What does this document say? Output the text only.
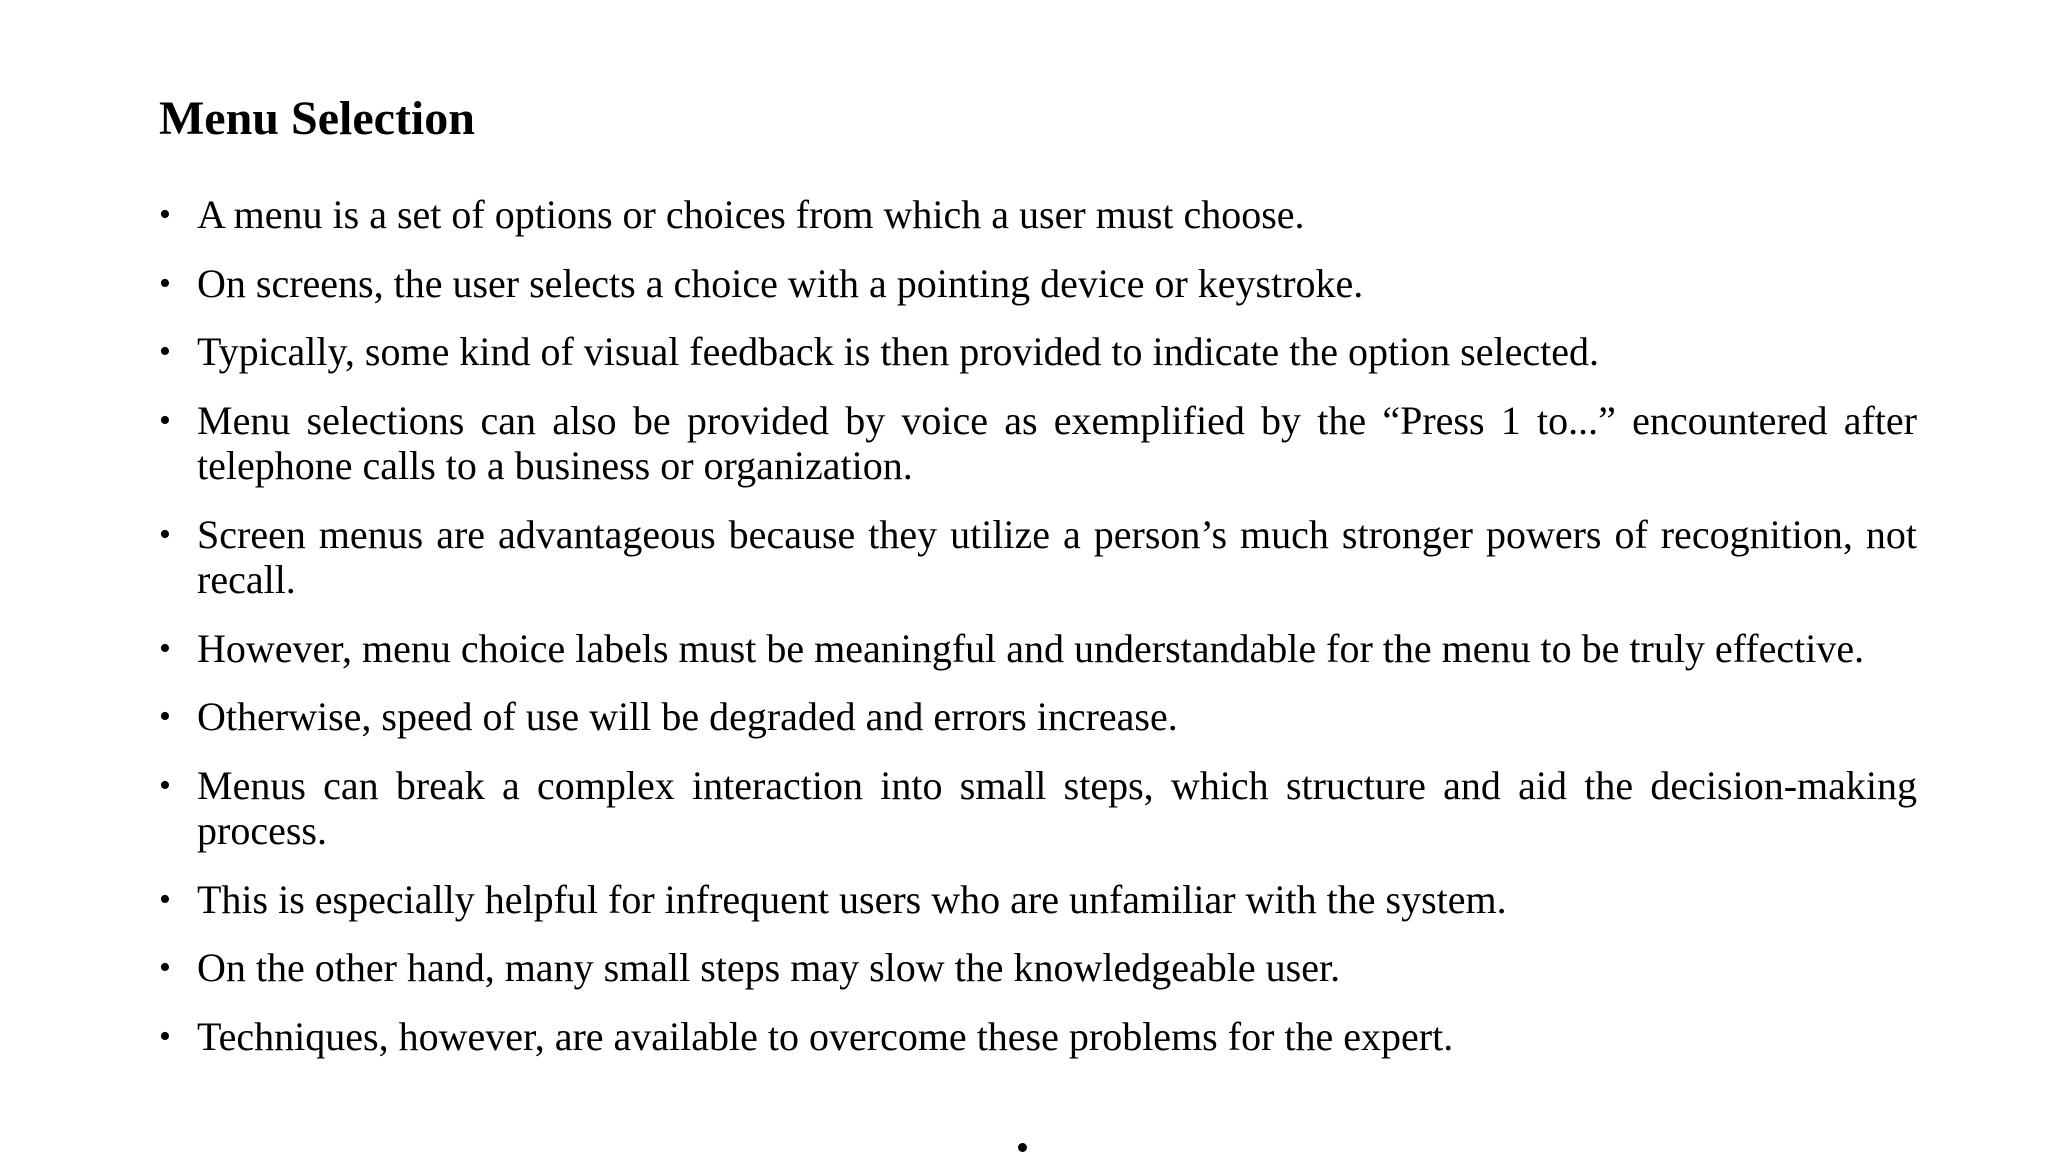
Menu Selection
• A menu is a set of options or choices from which a user must choose.
• On screens, the user selects a choice with a pointing device or keystroke.
• Typically, some kind of visual feedback is then provided to indicate the option selected.
• Menu selections can also be provided by voice as exemplified by the “Press 1 to...” encountered after telephone calls to a business or organization.
• Screen menus are advantageous because they utilize a person’s much stronger powers of recognition, not recall.
• However, menu choice labels must be meaningful and understandable for the menu to be truly effective.
• Otherwise, speed of use will be degraded and errors increase.
• Menus can break a complex interaction into small steps, which structure and aid the decision-making process.
• This is especially helpful for infrequent users who are unfamiliar with the system.
• On the other hand, many small steps may slow the knowledgeable user.
• Techniques, however, are available to overcome these problems for the expert.
